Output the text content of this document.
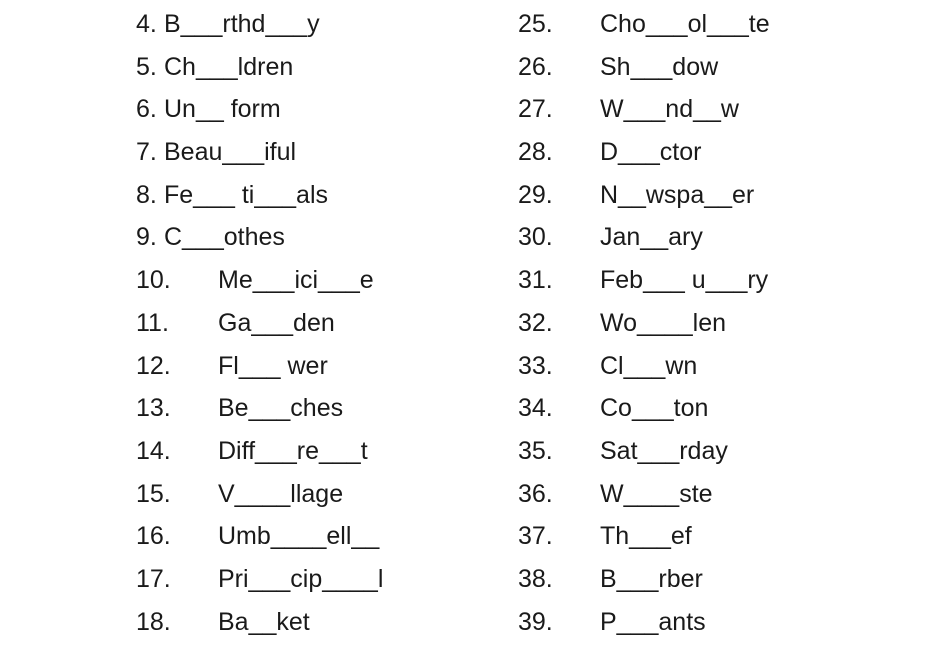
4. B___rthd___y
5. Ch___ldren
6. Un__ form
7. Beau___iful
8. Fe___ ti___als
9. C___othes
10. Me___ici___e
11. Ga___den
12. Fl___ wer
13. Be___ches
14. Diff___re___t
15. V____llage
16. Umb____ell__
17. Pri___cip____l
18. Ba__ket
25. Cho___ol___te
26. Sh___dow
27. W___nd__w
28. D___ctor
29. N__wspa__er
30. Jan__ary
31. Feb___ u___ry
32. Wo____len
33. Cl___wn
34. Co___ton
35. Sat___rday
36. W____ste
37. Th___ef
38. B___rber
39. P___ants
